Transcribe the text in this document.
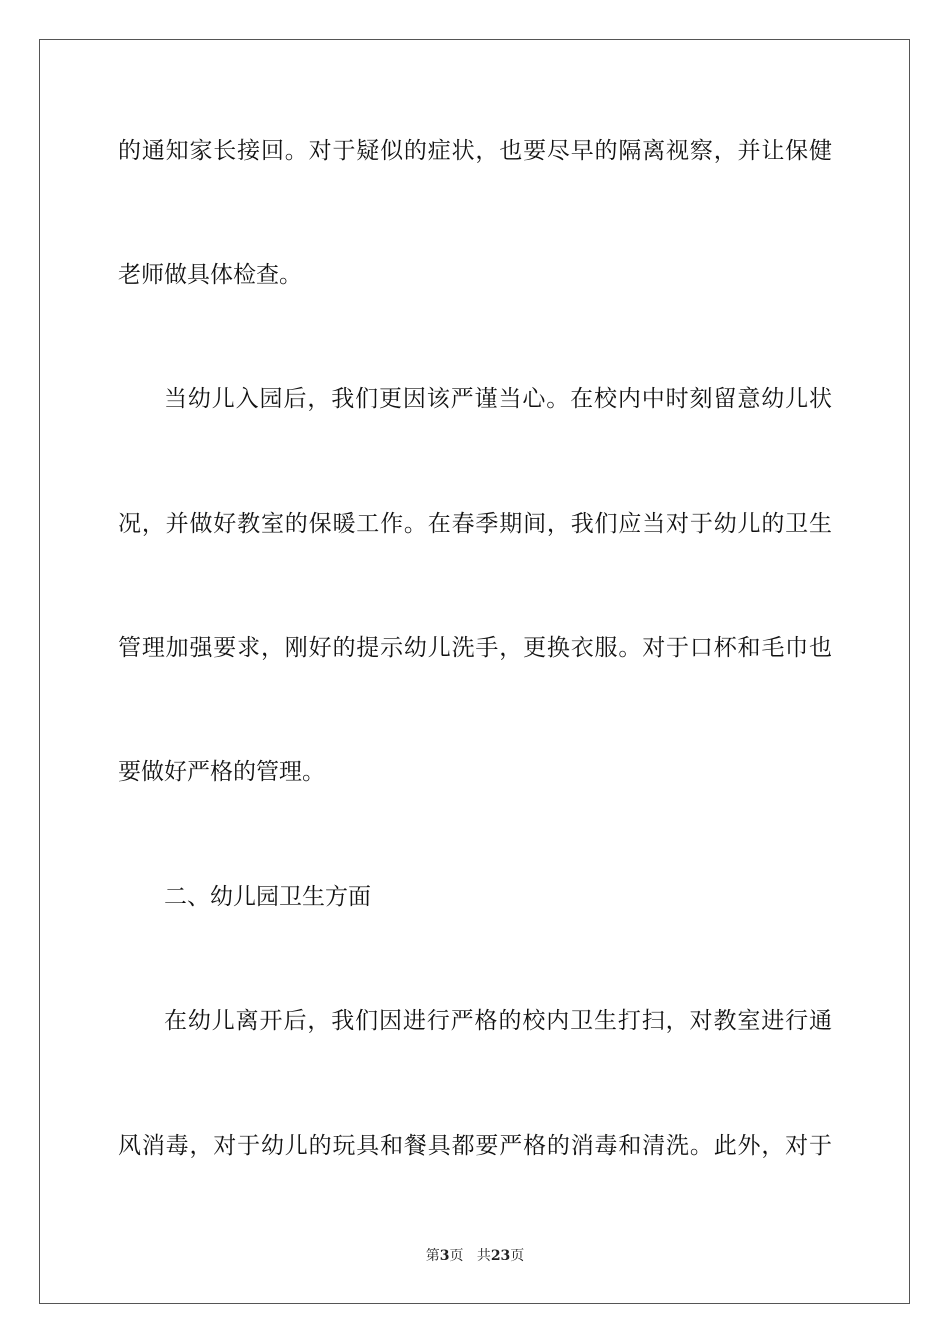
的通知家长接回。对于疑似的症状，也要尽早的隔离视察，并让保健
老师做具体检查。
当幼儿入园后，我们更因该严谨当心。在校内中时刻留意幼儿状
况，并做好教室的保暖工作。在春季期间，我们应当对于幼儿的卫生
管理加强要求，刚好的提示幼儿洗手，更换衣服。对于口杯和毛巾也
要做好严格的管理。
二、幼儿园卫生方面
在幼儿离开后，我们因进行严格的校内卫生打扫，对教室进行通
风消毒，对于幼儿的玩具和餐具都要严格的消毒和清洗。此外，对于
第3页 共23页
